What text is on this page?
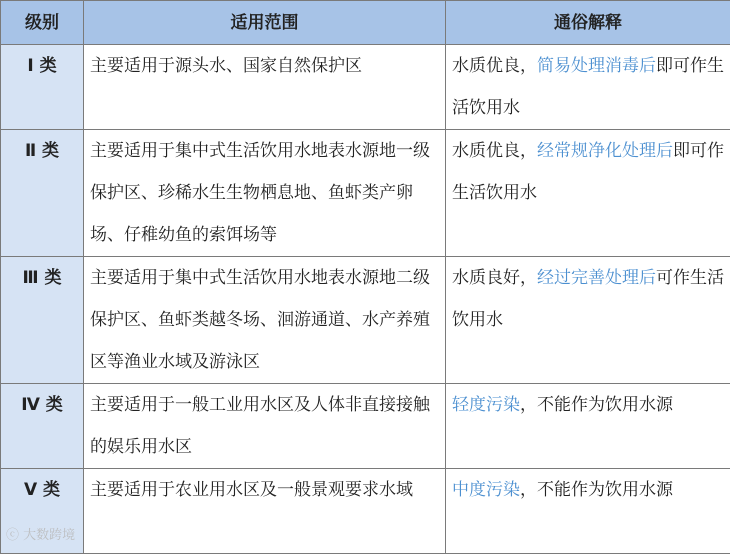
级别	适用范围	通俗解释
Ⅰ 类	主要适用于源头水、国家自然保护区	水质优良，简易处理消毒后即可作生活饮用水
Ⅱ 类	主要适用于集中式生活饮用水地表水源地一级保护区、珍稀水生生物栖息地、鱼虾类产卵场、仔稚幼鱼的索饵场等	水质优良，经常规净化处理后即可作生活饮用水
Ⅲ 类	主要适用于集中式生活饮用水地表水源地二级保护区、鱼虾类越冬场、洄游通道、水产养殖区等渔业水域及游泳区	水质良好，经过完善处理后可作生活饮用水
Ⅳ 类	主要适用于一般工业用水区及人体非直接接触的娱乐用水区	轻度污染，不能作为饮用水源
Ⅴ 类	主要适用于农业用水区及一般景观要求水域	中度污染，不能作为饮用水源
ⓒ 大数跨境
